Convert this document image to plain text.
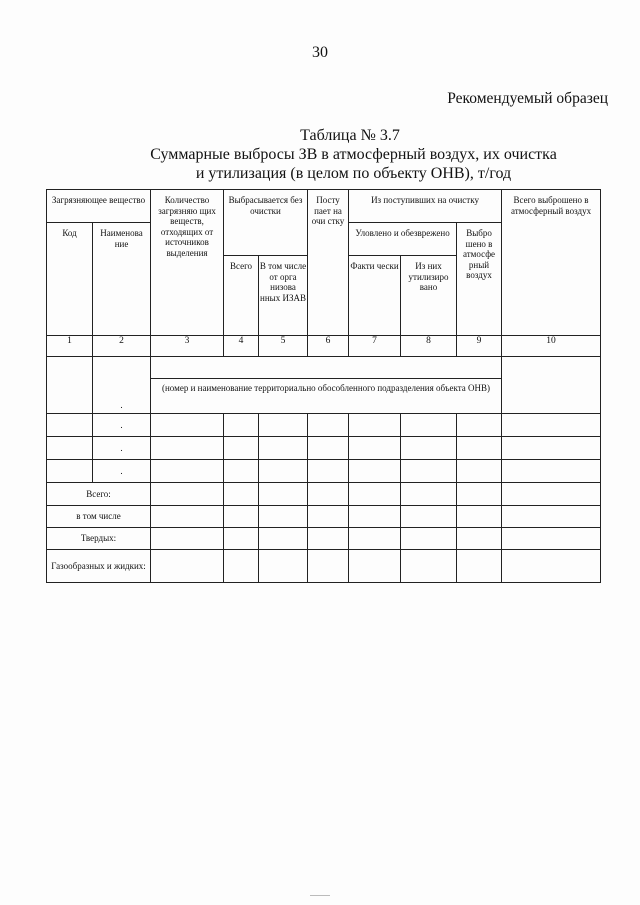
30
Рекомендуемый образец
Таблица № 3.7
Суммарные выбросы ЗВ в атмосферный воздух, их очистка
и утилизация (в целом по объекту ОНВ), т/год
Загрязняющее вещество		Количество загрязняю щих веществ, отходящих от источников выделения	Выбрасывается без очистки		Посту пает на очи стку	Из поступивших на очистку			Всего выброшено в атмосферный воздух
Код	Наименова ние					Уловлено и обезврежено		Выбро шено в атмосфе рный воздух	
			Всего	В том числе от орга низова нных ИЗАВ		Факти чески	Из них утилизиро вано		
1	2	3	4	5	6	7	8	9	10

	.								

		(номер и наименование территориально обособленного подразделения объекта ОНВ)							

	.								

	.								

	.								

Всего:									
в том числе									
Твердых:									
Газообразных и жидких:									
